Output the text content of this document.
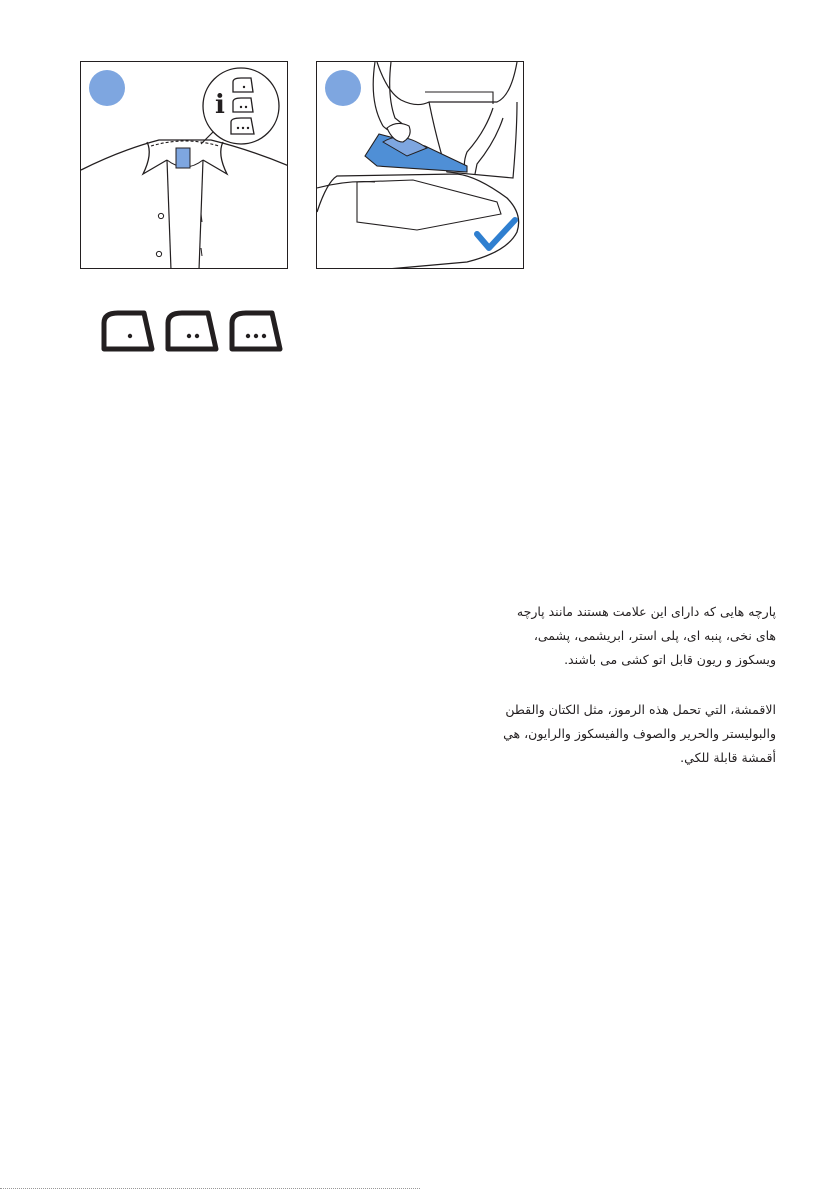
i
پارچه هایی که دارای این علامت هستند مانند پارچه
های نخی، پنبه ای، پلی استر، ابریشمی، پشمی،
ویسکوز و ریون قابل اتو کشی می باشند.
الاقمشة، التي تحمل هذه الرموز، مثل الكتان والقطن
والبوليستر والحرير والصوف والفيسكوز والرايون، هي
أقمشة قابلة للكي.
